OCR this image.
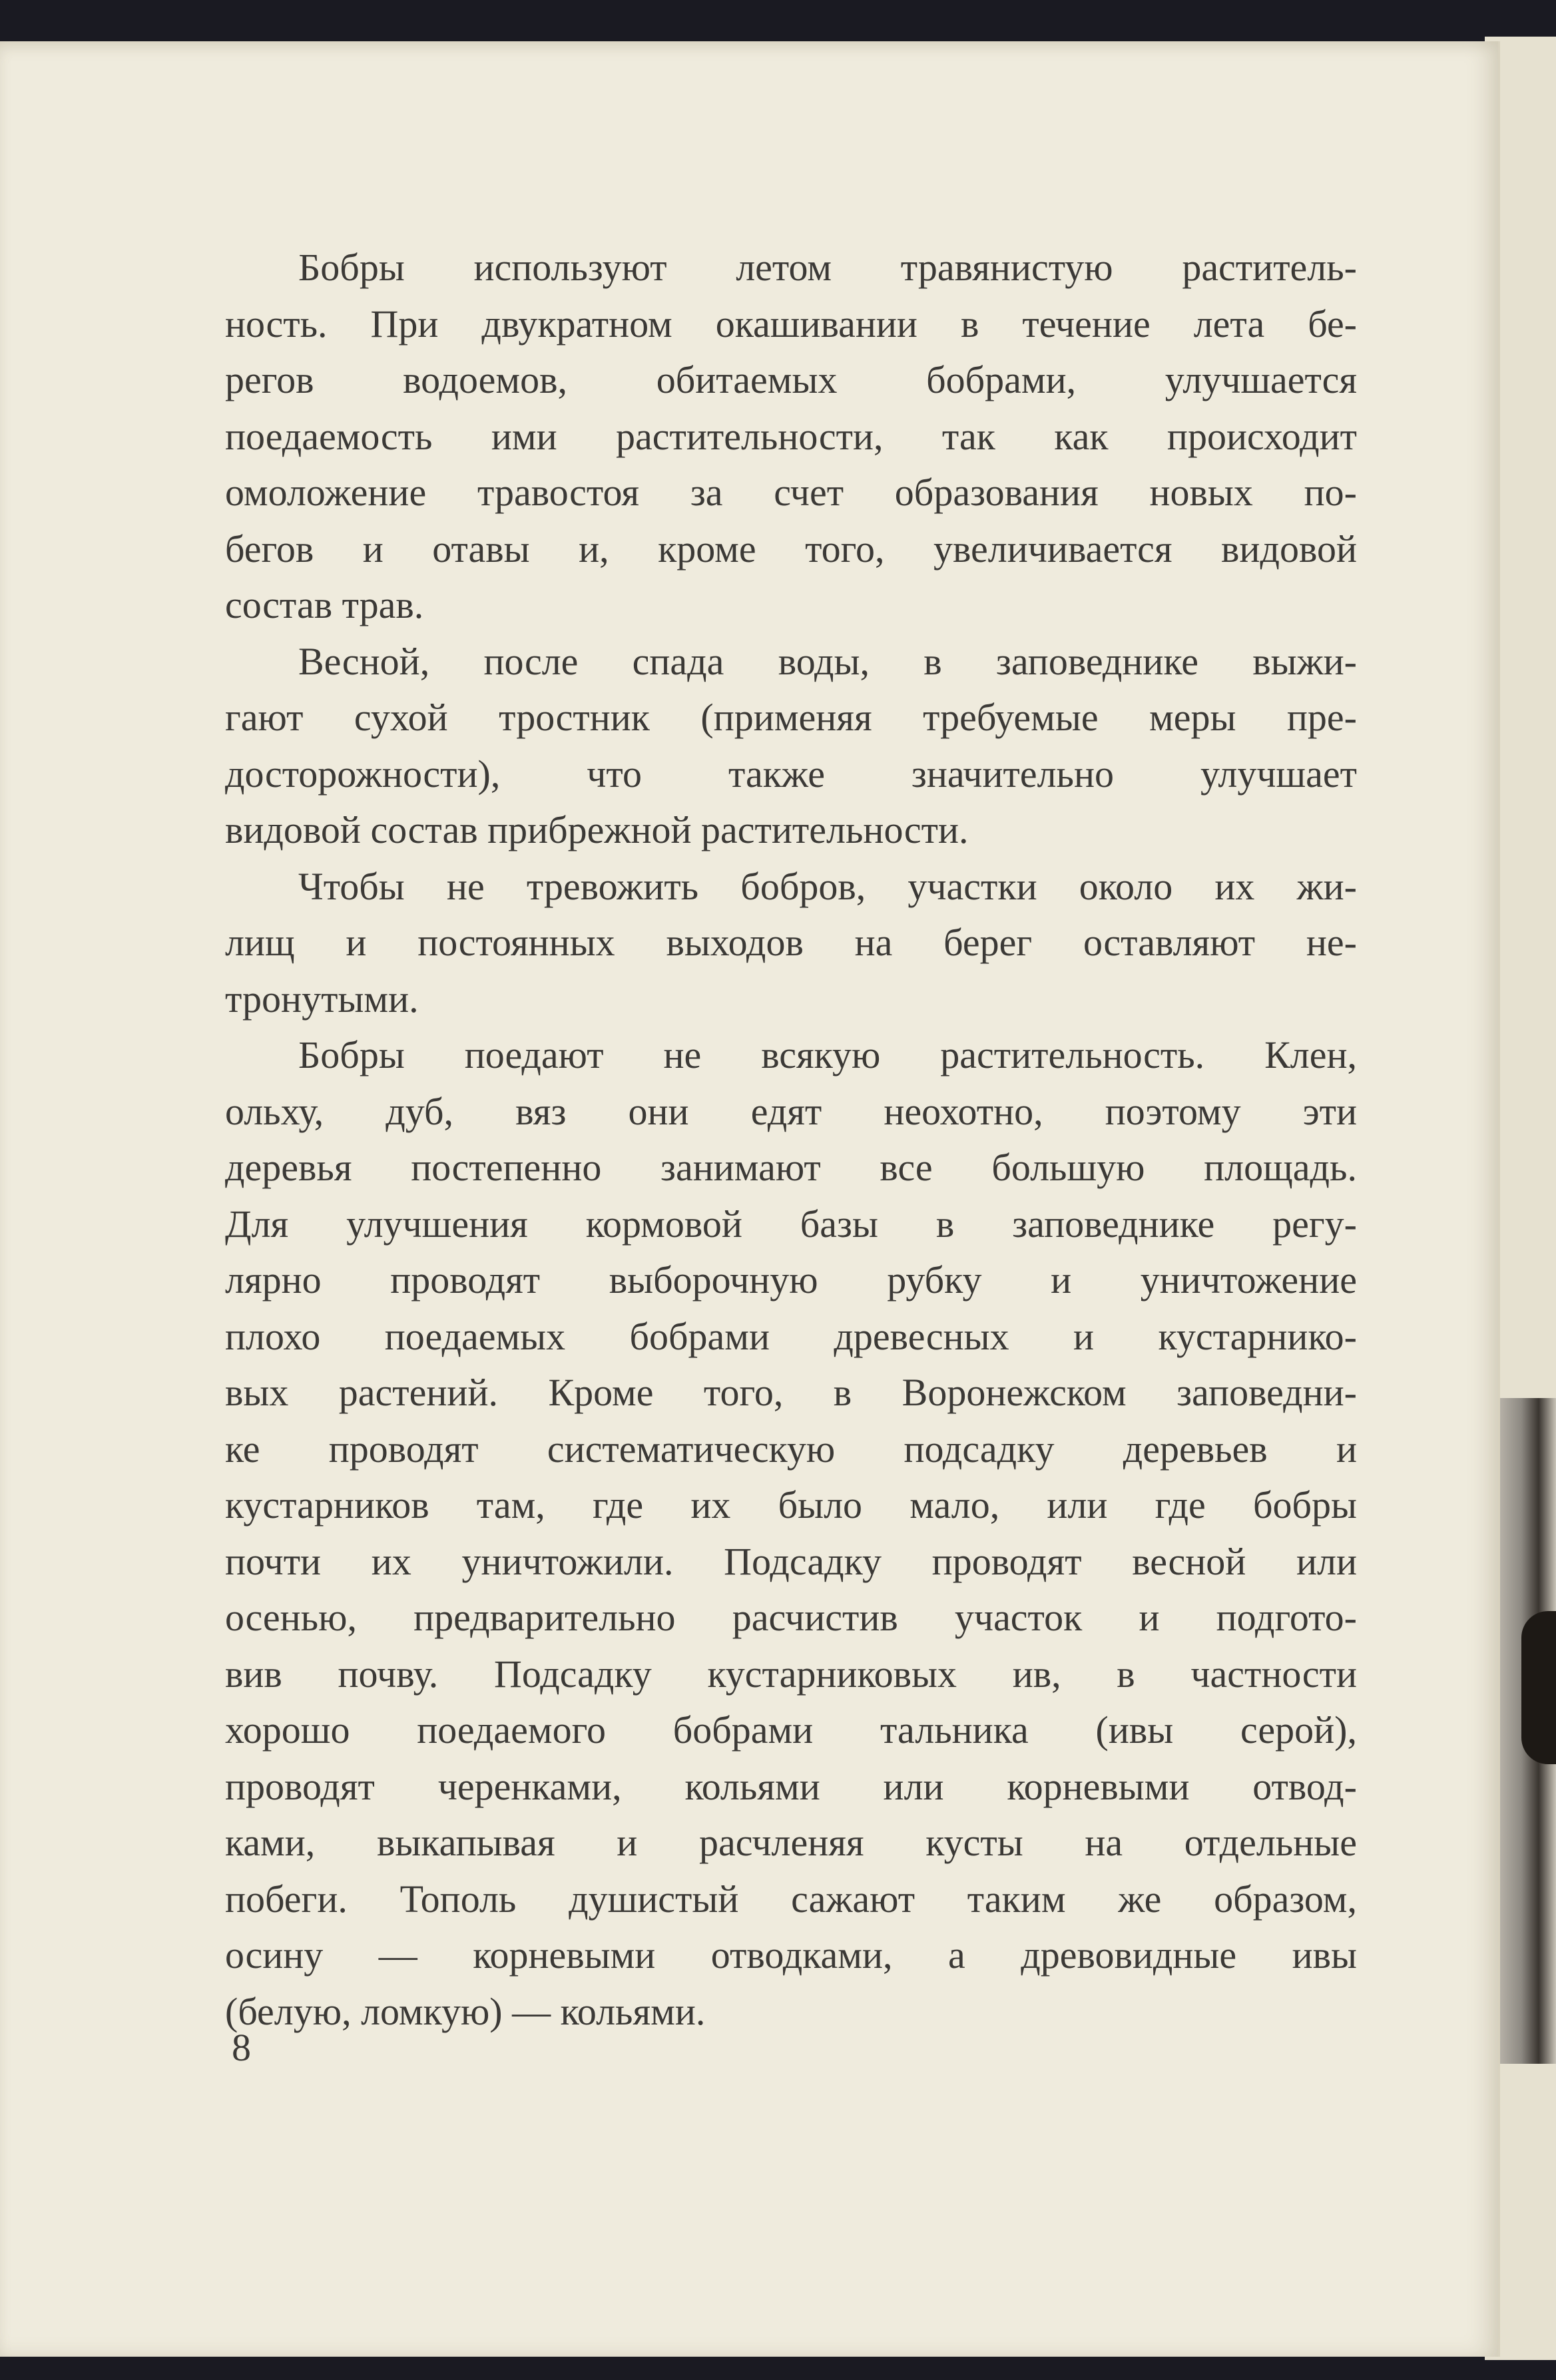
Бобры используют летом травянистую раститель-
ность. При двукратном окашивании в течение лета бе-
регов водоемов, обитаемых бобрами, улучшается
поедаемость ими растительности, так как происходит
омоложение травостоя за счет образования новых по-
бегов и отавы и, кроме того, увеличивается видовой
состав трав.
Весной, после спада воды, в заповеднике выжи-
гают сухой тростник (применяя требуемые меры пре-
досторожности), что также значительно улучшает
видовой состав прибрежной растительности.
Чтобы не тревожить бобров, участки около их жи-
лищ и постоянных выходов на берег оставляют не-
тронутыми.
Бобры поедают не всякую растительность. Клен,
ольху, дуб, вяз они едят неохотно, поэтому эти
деревья постепенно занимают все большую площадь.
Для улучшения кормовой базы в заповеднике регу-
лярно проводят выборочную рубку и уничтожение
плохо поедаемых бобрами древесных и кустарнико-
вых растений. Кроме того, в Воронежском заповедни-
ке проводят систематическую подсадку деревьев и
кустарников там, где их было мало, или где бобры
почти их уничтожили. Подсадку проводят весной или
осенью, предварительно расчистив участок и подгото-
вив почву. Подсадку кустарниковых ив, в частности
хорошо поедаемого бобрами тальника (ивы серой),
проводят черенками, кольями или корневыми отвод-
ками, выкапывая и расчленяя кусты на отдельные
побеги. Тополь душистый сажают таким же образом,
осину — корневыми отводками, а древовидные ивы
(белую, ломкую) — кольями.
8
